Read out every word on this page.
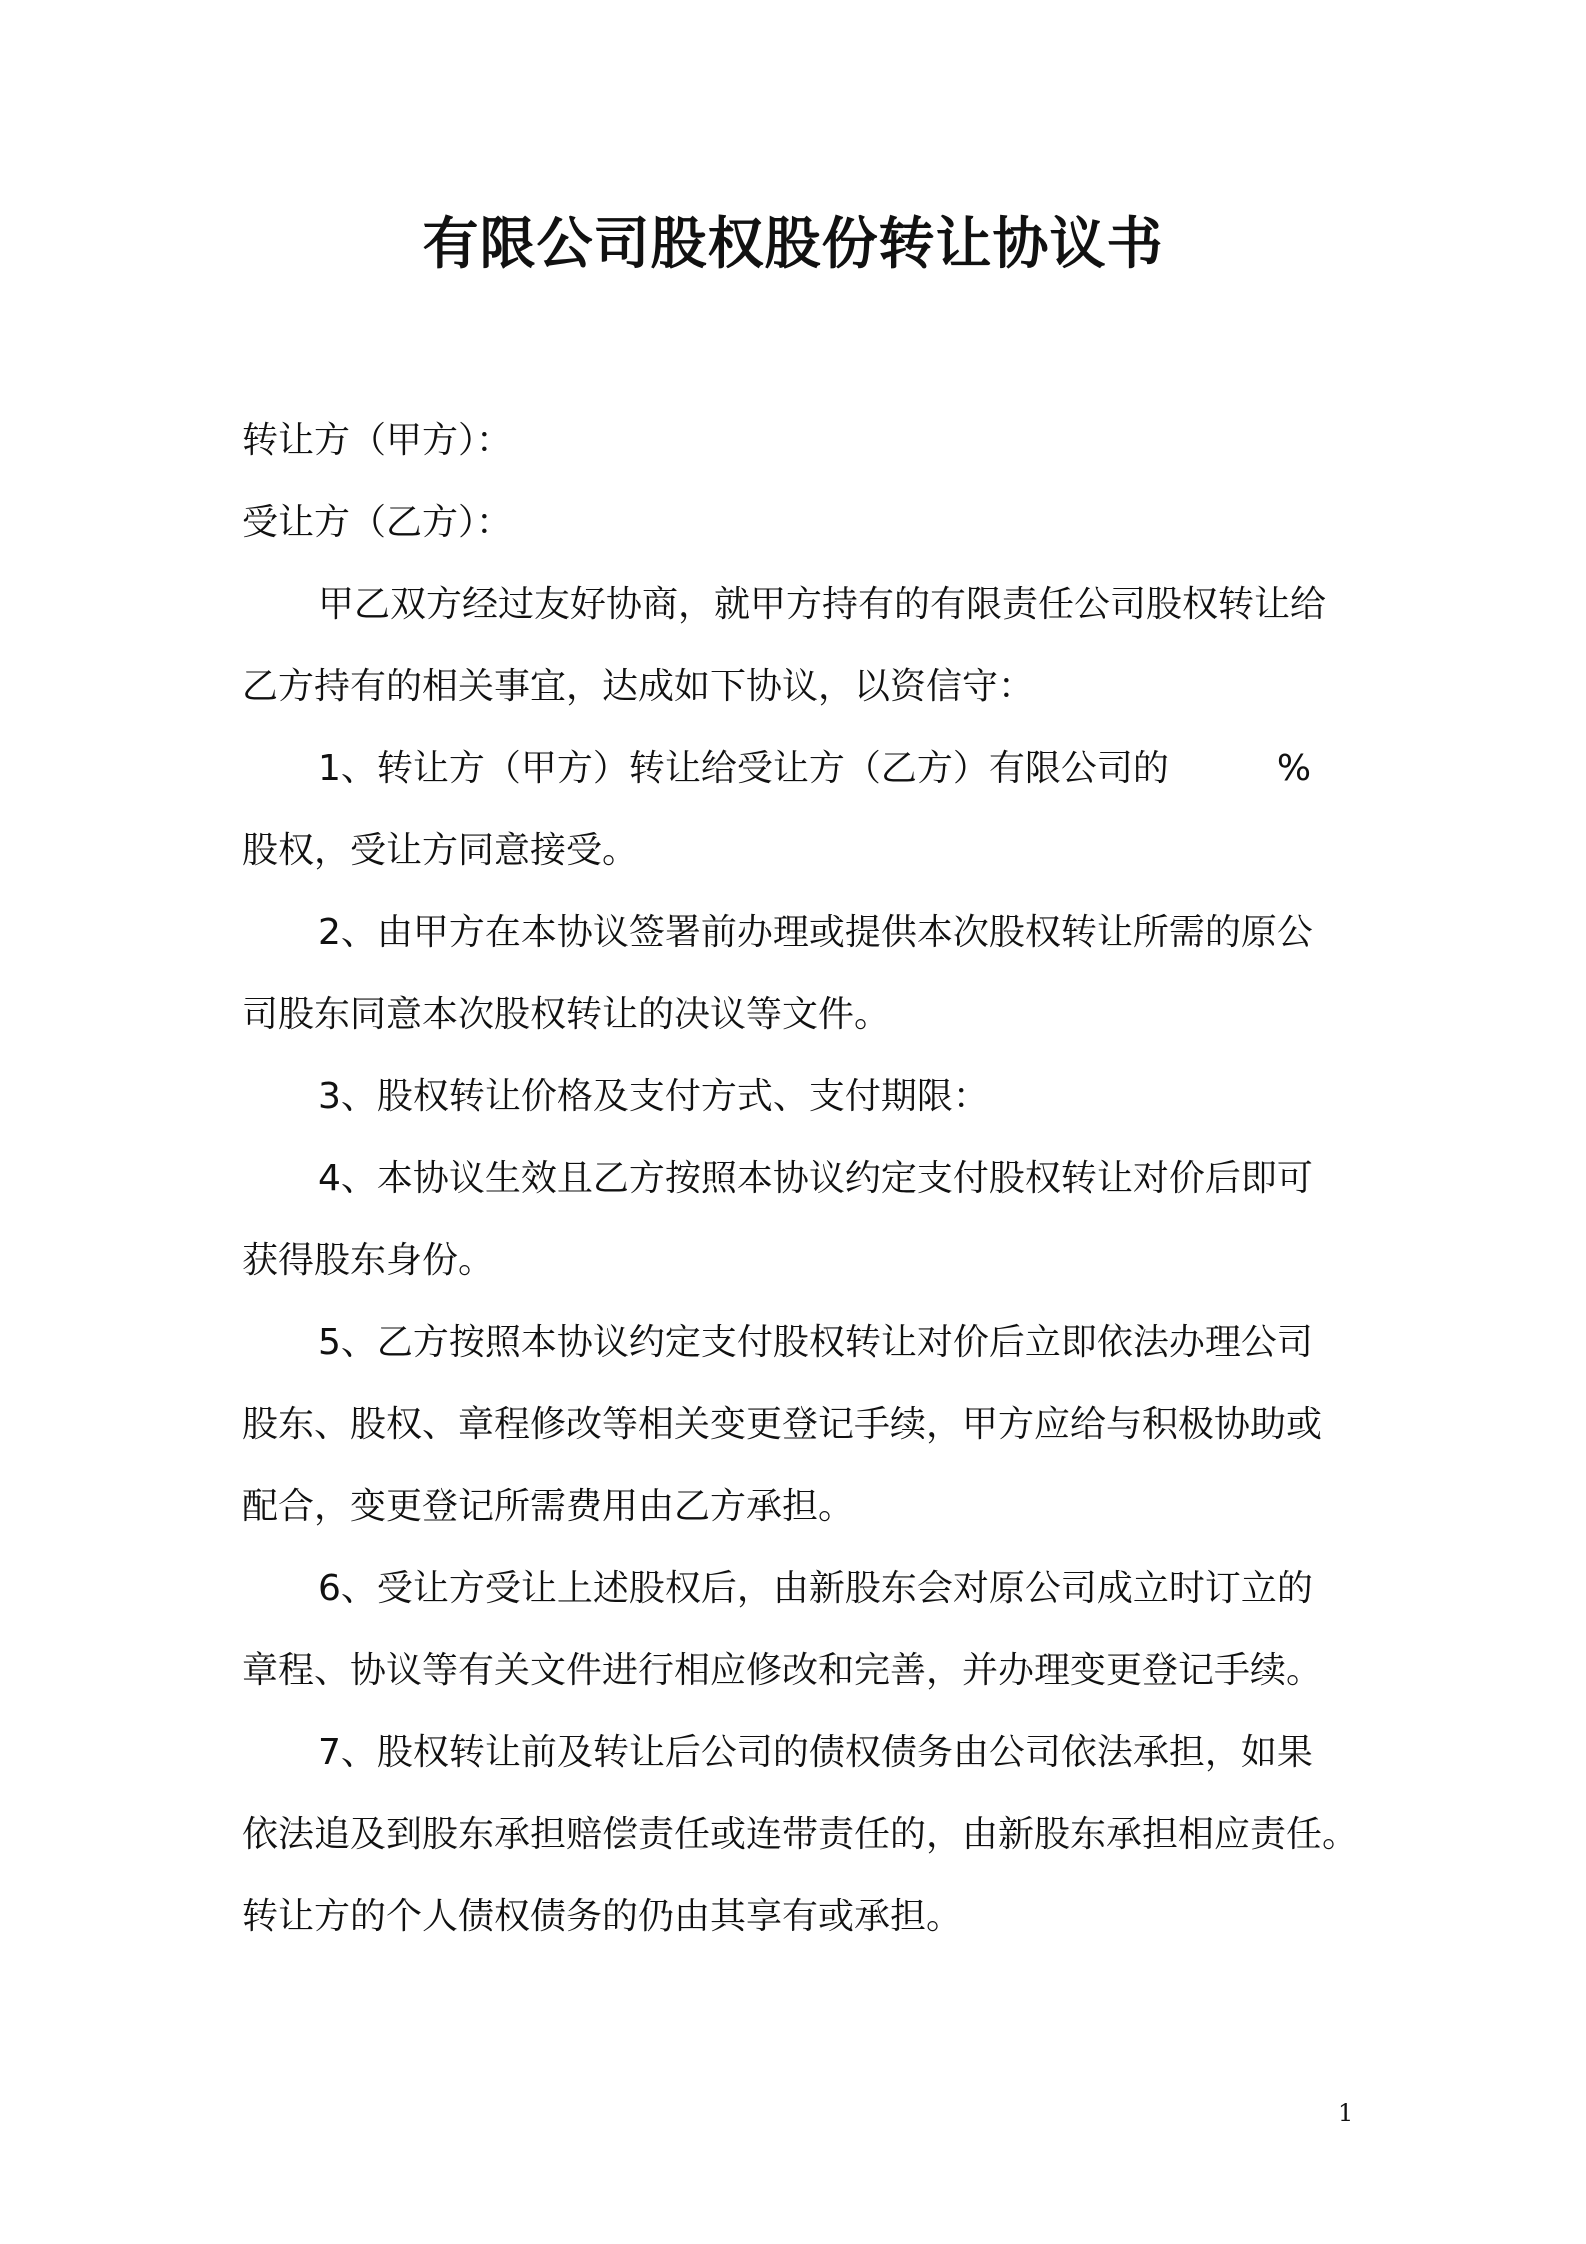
有限公司股权股份转让协议书
转让方（甲方）：
受让方（乙方）：
甲乙双方经过友好协商，就甲方持有的有限责任公司股权转让给
乙方持有的相关事宜，达成如下协议，以资信守：
1、转让方（甲方）转让给受让方（乙方）有限公司的	%
股权，受让方同意接受。
2、由甲方在本协议签署前办理或提供本次股权转让所需的原公
司股东同意本次股权转让的决议等文件。
3、股权转让价格及支付方式、支付期限：
4、本协议生效且乙方按照本协议约定支付股权转让对价后即可
获得股东身份。
5、乙方按照本协议约定支付股权转让对价后立即依法办理公司
股东、股权、章程修改等相关变更登记手续，甲方应给与积极协助或
配合，变更登记所需费用由乙方承担。
6、受让方受让上述股权后，由新股东会对原公司成立时订立的
章程、协议等有关文件进行相应修改和完善，并办理变更登记手续。
7、股权转让前及转让后公司的债权债务由公司依法承担，如果
依法追及到股东承担赔偿责任或连带责任的，由新股东承担相应责任。
转让方的个人债权债务的仍由其享有或承担。
1
